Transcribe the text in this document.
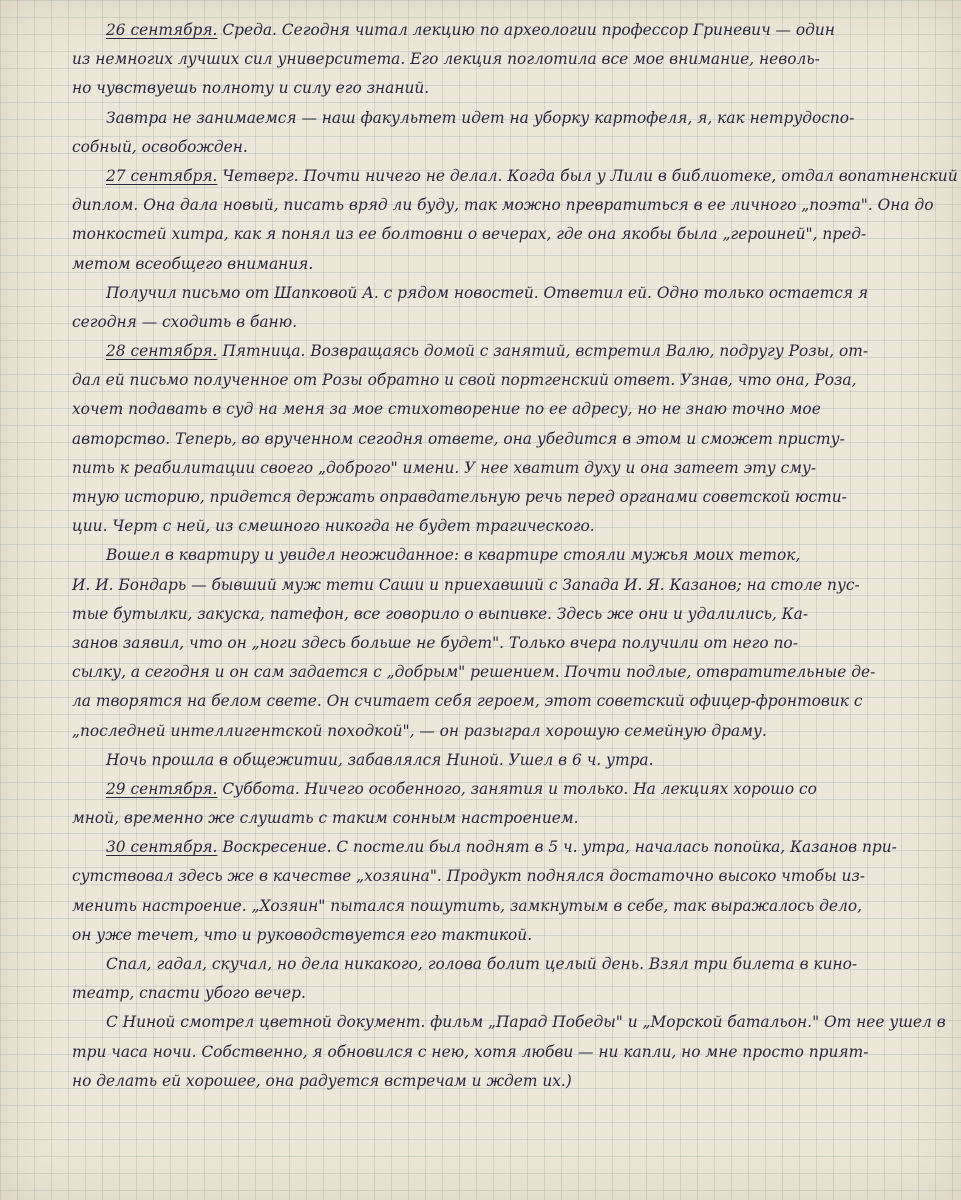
26 сентября. Среда. Сегодня читал лекцию по археологии профессор Гриневич — один
из немногих лучших сил университета. Его лекция поглотила все мое внимание, неволь-
но чувствуешь полноту и силу его знаний.
Завтра не занимаемся — наш факультет идет на уборку картофеля, я, как нетрудоспо-
собный, освобожден.
27 сентября. Четверг. Почти ничего не делал. Когда был у Лили в библиотеке, отдал вопатненский
диплом. Она дала новый, писать вряд ли буду, так можно превратиться в ее личного „поэта". Она до
тонкостей хитра, как я понял из ее болтовни о вечерах, где она якобы была „героиней", пред-
метом всеобщего внимания.
Получил письмо от Шапковой А. с рядом новостей. Ответил ей. Одно только остается я
сегодня — сходить в баню.
28 сентября. Пятница. Возвращаясь домой с занятий, встретил Валю, подругу Розы, от-
дал ей письмо полученное от Розы обратно и свой портгенский ответ. Узнав, что она, Роза,
хочет подавать в суд на меня за мое стихотворение по ее адресу, но не знаю точно мое
авторство. Теперь, во врученном сегодня ответе, она убедится в этом и сможет присту-
пить к реабилитации своего „доброго" имени. У нее хватит духу и она затеет эту сму-
тную историю, придется держать оправдательную речь перед органами советской юсти-
ции. Черт с ней, из смешного никогда не будет трагического.
Вошел в квартиру и увидел неожиданное: в квартире стояли мужья моих теток,
И. И. Бондарь — бывший муж тети Саши и приехавший с Запада И. Я. Казанов; на столе пус-
тые бутылки, закуска, патефон, все говорило о выпивке. Здесь же они и удалились, Ка-
занов заявил, что он „ноги здесь больше не будет". Только вчера получили от него по-
сылку, а сегодня и он сам задается с „добрым" решением. Почти подлые, отвратительные де-
ла творятся на белом свете. Он считает себя героем, этот советский офицер-фронтовик с
„последней интеллигентской походкой", — он разыграл хорошую семейную драму.
Ночь прошла в общежитии, забавлялся Ниной. Ушел в 6 ч. утра.
29 сентября. Суббота. Ничего особенного, занятия и только. На лекциях хорошо со
мной, временно же слушать с таким сонным настроением.
30 сентября. Воскресение. С постели был поднят в 5 ч. утра, началась попойка, Казанов при-
сутствовал здесь же в качестве „хозяина". Продукт поднялся достаточно высоко чтобы из-
менить настроение. „Хозяин" пытался пошутить, замкнутым в себе, так выражалось дело,
он уже течет, что и руководствуется его тактикой.
Спал, гадал, скучал, но дела никакого, голова болит целый день. Взял три билета в кино-
театр, спасти убого вечер.
С Ниной смотрел цветной документ. фильм „Парад Победы" и „Морской батальон." От нее ушел в
три часа ночи. Собственно, я обновился с нею, хотя любви — ни капли, но мне просто прият-
но делать ей хорошее, она радуется встречам и ждет их.)
